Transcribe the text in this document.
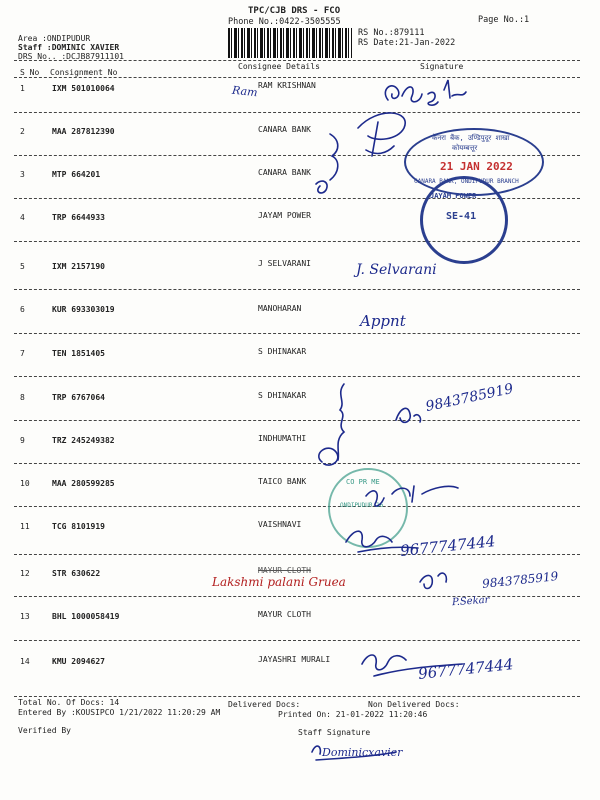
TPC/CJB DRS - FCO
Phone No.:0422-3505555	Page No.:1
RS No.:879111
RS Date:21-Jan-2022
Area :ONDIPUDUR
Staff :DOMINIC XAVIER
DRS No.. :DCJB87911101
S No Consignment No
Consignee Details	Signature
1	IXM 501010064	RAM KRISHNAN
2	MAA 287812390	CANARA BANK
3	MTP 664201	CANARA BANK
4	TRP 6644933	JAYAM POWER
5	IXM 2157190	J SELVARANI
6	KUR 693303019	MANOHARAN
7	TEN 1851405	S DHINAKAR
8	TRP 6767064	S DHINAKAR
9	TRZ 245249382	INDHUMATHI
10	MAA 280599285	TAICO BANK
11	TCG 8101919	VAISHNAVI
12	STR 630622	MAYUR CLOTH
13	BHL 1000058419	MAYUR CLOTH
14	KMU 2094627	JAYASHRI MURALI
Total No. Of Docs: 14	Delivered Docs:	Non Delivered Docs:
Entered By :KOUSIPCO 1/21/2022 11:20:29 AM	Printed On: 21-01-2022 11:20:46
Verified By	Staff Signature
Ram
J. Selvarani
Appnt
9843785919
9677747444
Lakshmi palani Gruea	9843785919
P.Sekar
9677747444
Dominicxavier
केनरा बैंक, उण्डिपुदूर शाखा
कोयम्बत्तूर
21 JAN 2022
CANARA BANK, ONDIPUDUR BRANCH
JAYAM POWER
SE-41
CO PR ME
ONDIPUDUR-16
